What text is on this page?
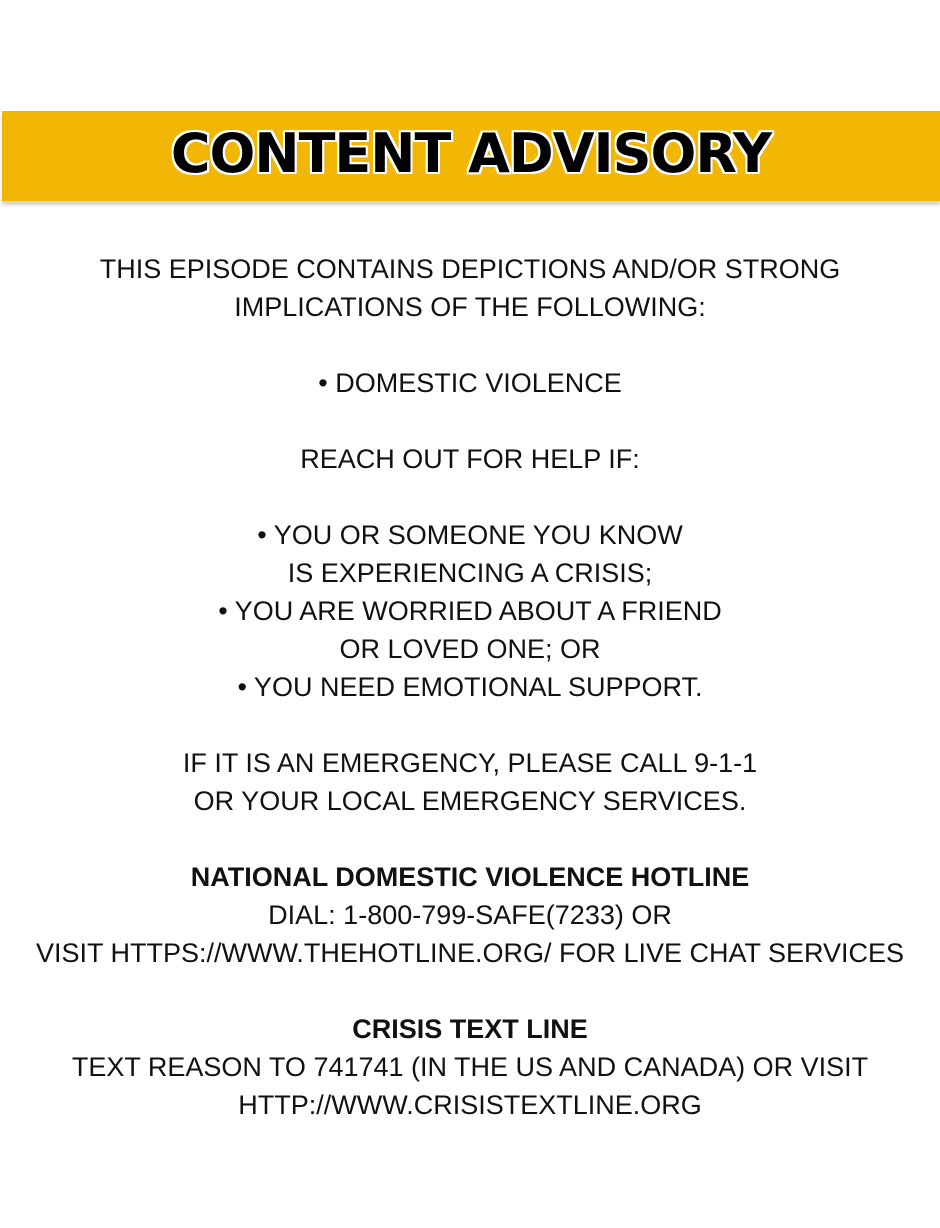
CONTENT ADVISORY
THIS EPISODE CONTAINS DEPICTIONS AND/OR STRONG
IMPLICATIONS OF THE FOLLOWING:
• DOMESTIC VIOLENCE
REACH OUT FOR HELP IF:
• YOU OR SOMEONE YOU KNOW
IS EXPERIENCING A CRISIS;
• YOU ARE WORRIED ABOUT A FRIEND
OR LOVED ONE; OR
• YOU NEED EMOTIONAL SUPPORT.
IF IT IS AN EMERGENCY, PLEASE CALL 9-1-1
OR YOUR LOCAL EMERGENCY SERVICES.
NATIONAL DOMESTIC VIOLENCE HOTLINE
DIAL: 1-800-799-SAFE(7233) OR
VISIT HTTPS://WWW.THEHOTLINE.ORG/ FOR LIVE CHAT SERVICES
CRISIS TEXT LINE
TEXT REASON TO 741741 (IN THE US AND CANADA) OR VISIT
HTTP://WWW.CRISISTEXTLINE.ORG
